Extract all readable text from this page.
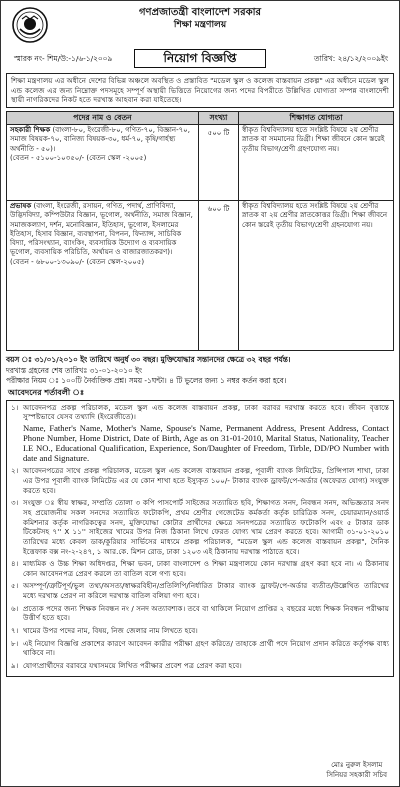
গণপ্রজাতন্ত্রী বাংলাদেশ সরকার
শিক্ষা মন্ত্রণালয়
স্মারক নং- শিম/উ:-১/৬-১/২০০৯	নিয়োগ বিজ্ঞপ্তি	তারিখ: ২৪/১২/২০০৯ইং
শিক্ষা মন্ত্রণালয় এর অধীনে দেশের বিভিন্ন অঞ্চলে অবস্থিত ও প্রস্তাবিত "মডেল স্কুল ও কলেজ বাস্তবায়ন প্রকল্প" এর অধীনে মডেল স্কুল এন্ড কলেজ এর জন্য নিম্নোক্ত পদসমূহে সম্পূর্ণ অস্থায়ী ভিত্তিতে নিয়োগের জন্য পদের বিপরীতে উল্লিখিত যোগ্যতা সম্পন্ন বাংলাদেশী স্থায়ী নাগরিকদের নিকট হতে দরখাস্ত আহবান করা যাইতেছে।
পদের নাম ও বেতন	সংখ্যা	শিক্ষাগত যোগ্যতা
সহকারী শিক্ষক (বাংলা-৮০, ইংরেজী-৮০, গণিত-৭০, বিজ্ঞান-৭০, সমাজ বিষয়ক-৭০, বানিজ্য বিষয়ক-৩০, ধর্ম-৭০, কৃষি/গার্হস্থ্য অর্থনীতি - ৫০)।
(বেতন - ৫১০০-১০৩৫০/- (বেতন স্কেল -২০০৫)	৫০০ টি	স্বীকৃত বিশ্ববিদ্যালয় হতে সংশ্লিষ্ট বিষয়ে ২য় শ্রেণীর স্নাতক বা সমমানের ডিগ্রী। শিক্ষা জীবনে কোন স্তরেই তৃতীয় বিভাগ/শ্রেণী গ্রহণযোগ্য নয়।
প্রভাষক (বাংলা, ইংরেজী, রসায়ন, গণিত, পদার্থ, প্রাণিবিদ্যা, উদ্ভিদবিদ্যা, কম্পিউটার বিজ্ঞান, ভূগোল, অর্থনীতি, সমাজ বিজ্ঞান, সমাজকল্যাণ, দর্শন, মনোবিজ্ঞান, ইতিহাস, ভুগোল, ইসলামের ইতিহাস, হিসাব বিজ্ঞান, ব্যবস্থাপনা, বিপনন, ফিন্যান্স, সাচিবিক বিদ্যা, পরিসংখ্যান, ব্যাংকিং, ব্যবসায়িক উদ্যোগ ও ব্যবসায়িক ভূগোল, ব্যবসায়িক পরিচিতি, অর্থায়ন ও বাজারজাতকরণ)।
(বেতন - ৬৮০০-১৩০৯০/- (বেতন স্কেল-২০০৫)	৬০০ টি	স্বীকৃত বিশ্ববিদ্যালয় হতে সংশ্লিষ্ট বিষয়ে ২য় শ্রেণীর স্নাতক বা ২য় শ্রেণীর স্নাতকোত্তর ডিগ্রী। শিক্ষা জীবনে কোন স্তরেই তৃতীয় বিভাগ/শ্রেণী গ্রহনযোগ্য নয়।
বয়স ঃ ৩১/০১/২০১০ ইং তারিখে অনুর্ধ ৩০ বছর। মুক্তিযোদ্ধার সন্তানদের ক্ষেত্রে ৩২ বছর পর্যন্ত।
দরখাস্ত গ্রহনের শেষ তারিখঃ ৩১-০১-২০১০ ইং
পরীক্ষার নিয়ম ঃ ১০০টি নৈর্ব্যক্তিক প্রশ্ন। সময় -১ঘন্টা। ৪ টি ভুলের জন্য ১ নম্বর কর্তন করা হবে।
আবেদনের শর্তাবলী ঃ
১। আবেদনপত্র প্রকল্প পরিচালক, মডেল স্কুল এন্ড কলেজ বাস্তবায়ন প্রকল্প, ঢাকা বরাবর দরখাস্ত করতে হবে। জীবন বৃত্তান্তে সুস্পষ্টভাবে যেসব তথ্যাদি (ইংরেজীতে)।
Name, Father's Name, Mother's Name, Spouse's Name, Permanent Address, Present Address, Contact Phone Number, Home District, Date of Birth, Age as on 31-01-2010, Marital Status, Nationality, Teacher I.E NO., Educational Qualification, Experience, Son/Daughter of Freedom, Tirble, DD/PO Number with date and Signature.
২। আবেদনপত্রের সাথে প্রকল্প পরিচালক, মডেল স্কুল এন্ড কলেজ বাস্তবায়ন প্রকল্প, পূবালী ব্যাংক লিমিটেড, প্রিন্সিপাল শাখা, ঢাকা এর উপর পূবালী ব্যাংক লিমিটেড এর যে কোন শাখা হতে ইস্যুকৃত ১০০/- টাকার ব্যাংক ড্রাফট/পে-অর্ডার (অফেরত যোগ্য) সংযুক্ত করতে হবে।
৩। সংযুক্ত ঃ স্বীয় স্বাক্ষর, সম্প্রতি তোলা ৩ কপি পাসপোর্ট সাইজের সত্যায়িত ছবি, শিক্ষাগত সনদ, নিবন্ধন সনদ, অভিজ্ঞতার সনদ সহ প্রয়োজনীয় সকল সনদের সত্যায়িত ফটোকপি, প্রথম শ্রেণীর গেজেটেড কর্মকর্তা কর্তৃক চারিত্রিক সনদ, চেয়ারম্যান/ওয়ার্ড কমিশনার কর্তৃক নাগরিকত্বের সনদ, মুক্তিযোদ্ধা কোটার প্রার্থীদের ক্ষেত্রে সনদপত্রের সত্যায়িত ফটোকপি এবং ৫ টাকার ডাক টিকেটসহ ৭'' X ১১'' সাইজের খামের উপর নিজ ঠিকানা লিখে ফেরত যোগ্য খাম প্রেরণ করতে হবে। আগামী ৩১-০১-২০১০ তারিখের মধ্যে কেবল ডাক/কুরিয়ার সার্ভিসের মাধ্যমে প্রকল্প পরিচালক, "মডেল স্কুল এন্ড কলেজ বাস্তবায়ন প্রকল্প", দৈনিক ইত্তেফাক বক্স নং-২-২৪৭, ১ আর.কে. মিশন রোড, ঢাকা ১২০৩ এই ঠিকানায় দরখাস্ত পাঠাতে হবে।
৪। মাধ্যমিক ও উচ্চ শিক্ষা অধিদপ্তর, শিক্ষা ভবন, ঢাকা বাংলাদেশ ও শিক্ষা মন্ত্রণালয়ে কোন দরখাস্ত গ্রহণ করা হবে না। এ ঠিকানায় কোন আবেদনপত্র প্রেরণ করলে তা বাতিল বলে গণ্য হবে।
৫। অসম্পূর্ণ/ত্রুটিপূর্ণ/ভুল তথ্য/অসত্য/স্বাক্ষরবিহীন/প্রতিলিপি/নির্ধারিত টাকার ব্যাংক ড্রাফট/পে-অর্ডার ব্যতীত/উল্লেখিত তারিখের মধ্যে দরখাস্ত প্রেরণ না করিলে দরখাস্ত বাতিল বলিয়া গণ্য হবে।
৬। প্রত্যেক পদের জন্য শিক্ষক নিবন্ধন নং / সনদ অত্যাবশ্যক। তবে বা থাকিলে নিয়োগ প্রাপ্তির ২ বছরের মধ্যে শিক্ষক নিবন্ধন পরীক্ষায় উত্তীর্ণ হতে হবে।
৭। খামের উপর পদের নাম, বিষয়, নিজ জেলার নাম লিখতে হবে।
৮। এই নিয়োগ বিজ্ঞপ্তি প্রকাশের কারণে আবেদন কারীর পরীক্ষা গ্রহণ করিতে/ তাহাকে প্রার্থী পদে নিয়োগ প্রদান করিতে কর্তৃপক্ষ বাধ্য থাকিবে না।
৯। যোগ্যপ্রার্থীদের বরাবরে যথাসময়ে লিখিত পরীক্ষার প্রবেশ পত্র প্রেরণ করা হবে।
মোঃ নুরুল ইসলাম
সিনিয়র সহকারী সচিব
